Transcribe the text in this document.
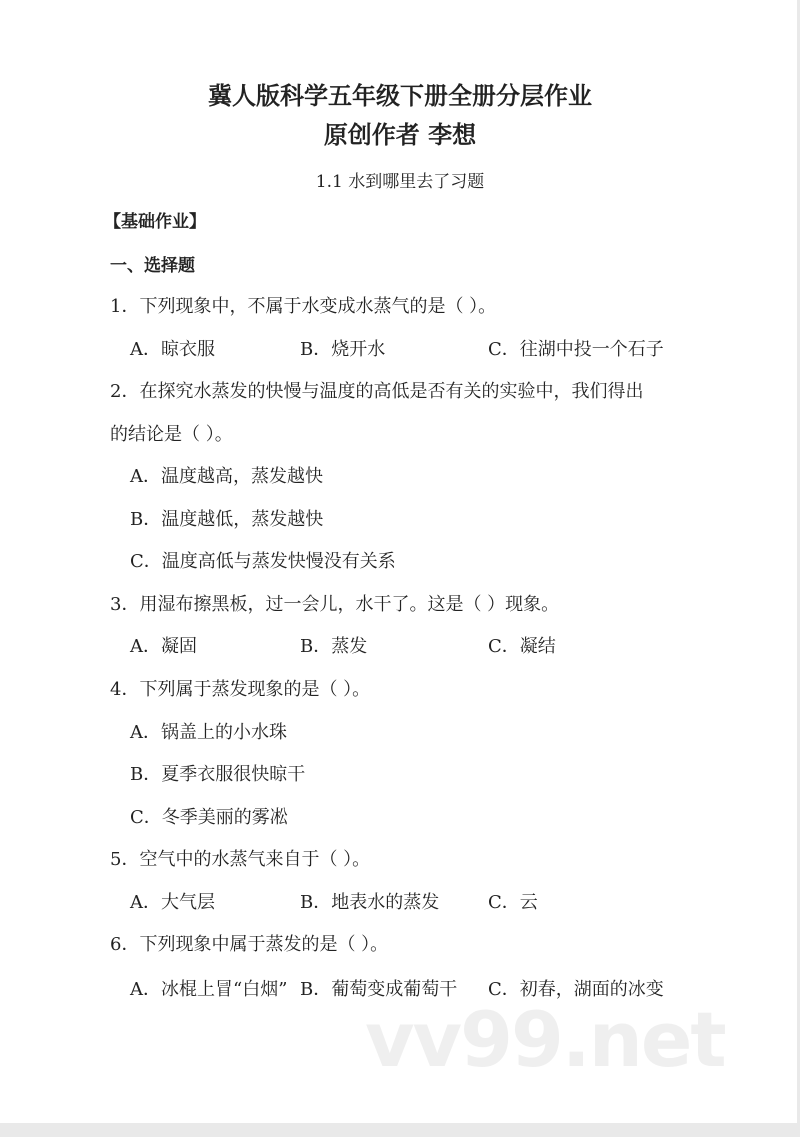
冀人版科学五年级下册全册分层作业
原创作者 李想
1.1 水到哪里去了习题
【基础作业】
一、选择题
1．下列现象中，不属于水变成水蒸气的是（ ）。
A．晾衣服	B．烧开水	C．往湖中投一个石子
2．在探究水蒸发的快慢与温度的高低是否有关的实验中，我们得出
的结论是（ ）。
A．温度越高，蒸发越快
B．温度越低，蒸发越快
C．温度高低与蒸发快慢没有关系
3．用湿布擦黑板，过一会儿，水干了。这是（ ）现象。
A．凝固	B．蒸发	C．凝结
4．下列属于蒸发现象的是（ ）。
A．锅盖上的小水珠
B．夏季衣服很快晾干
C．冬季美丽的雾凇
5．空气中的水蒸气来自于（ ）。
A．大气层	B．地表水的蒸发	C．云
6．下列现象中属于蒸发的是（ ）。
A．冰棍上冒“白烟” B．葡萄变成葡萄干 C．初春，湖面的冰变
vv99.net
